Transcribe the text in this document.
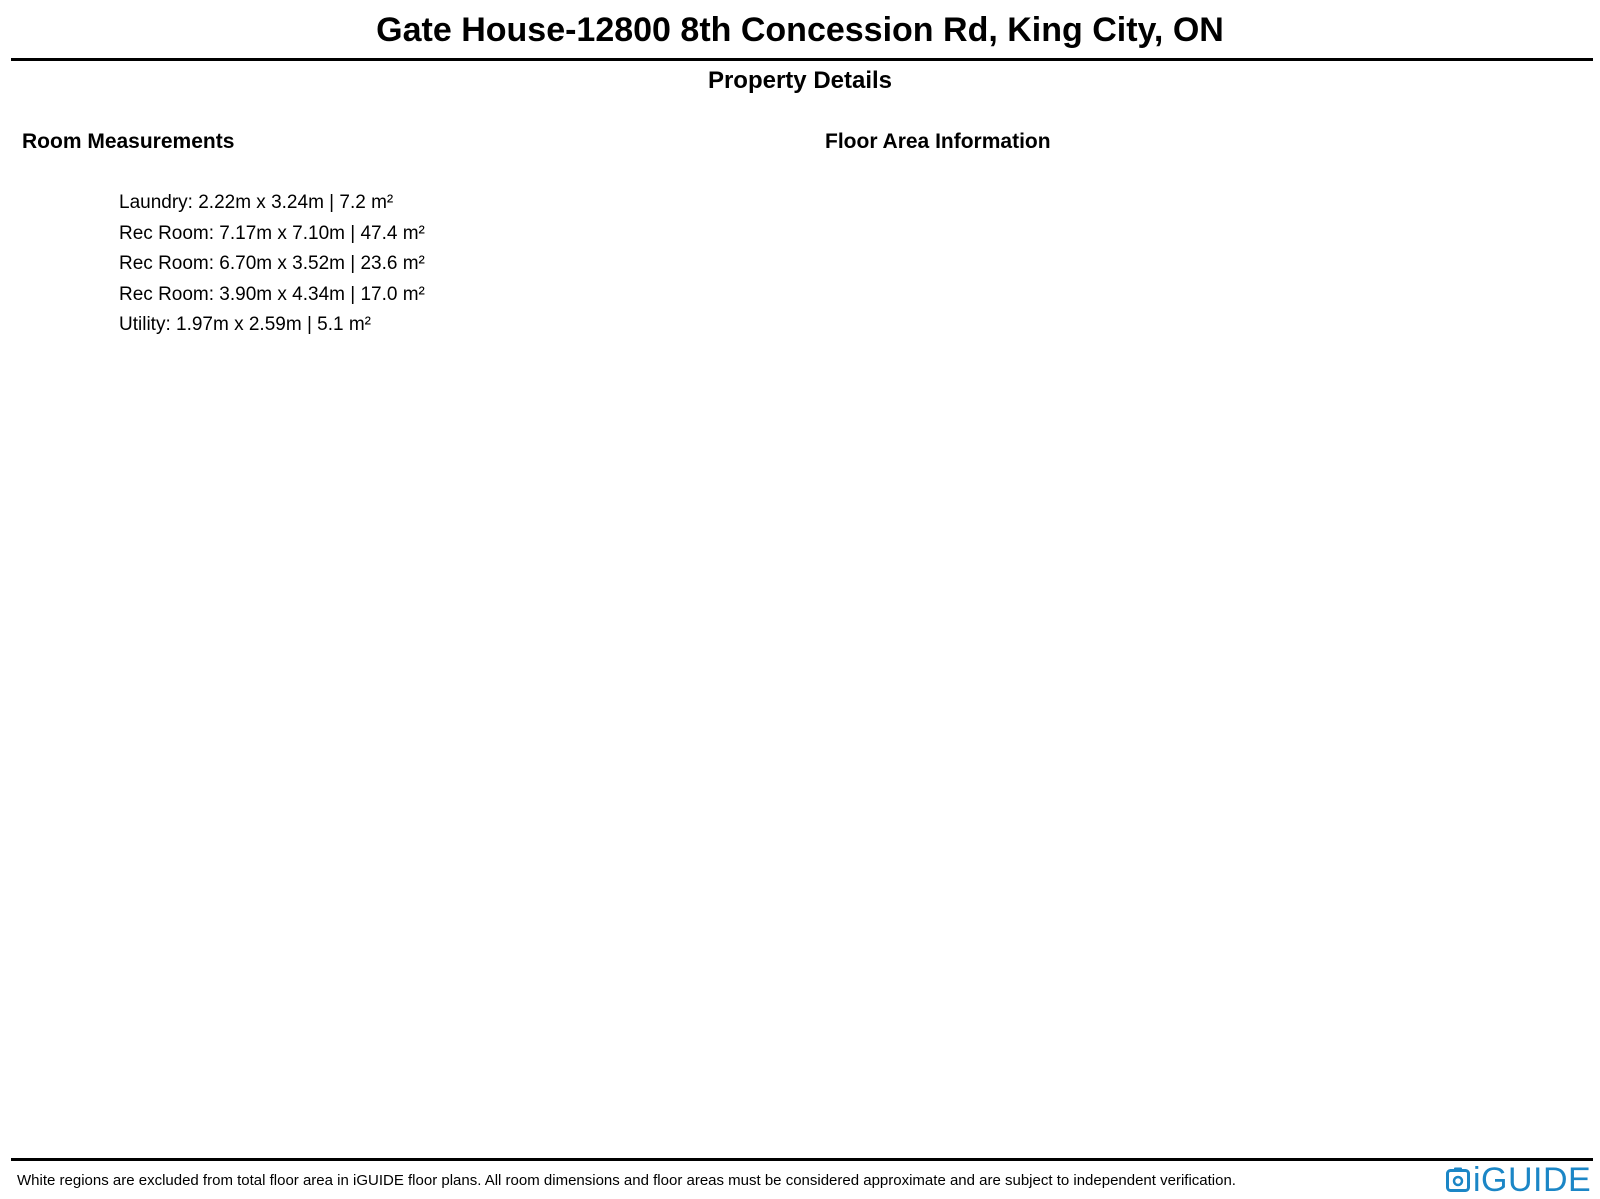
Gate House-12800 8th Concession Rd, King City, ON
Property Details
Room Measurements	Floor Area Information
Laundry: 2.22m x 3.24m | 7.2 m²
Rec Room: 7.17m x 7.10m | 47.4 m²
Rec Room: 6.70m x 3.52m | 23.6 m²
Rec Room: 3.90m x 4.34m | 17.0 m²
Utility: 1.97m x 2.59m | 5.1 m²
White regions are excluded from total floor area in iGUIDE floor plans. All room dimensions and floor areas must be considered approximate and are subject to independent verification.	iGUIDE
